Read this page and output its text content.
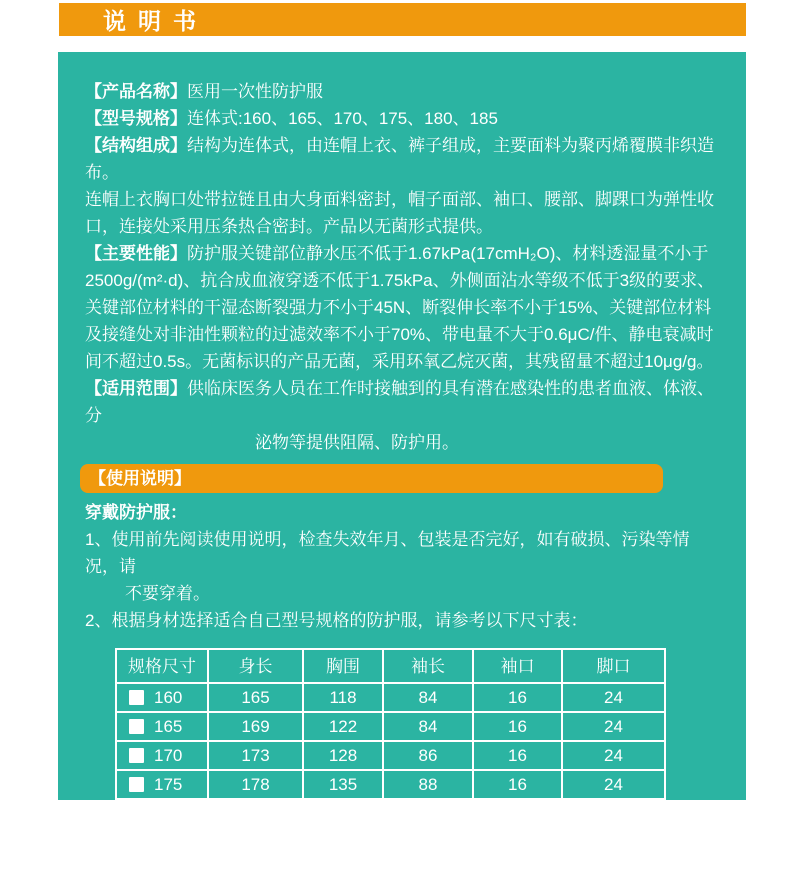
说明书
【产品名称】医用一次性防护服
【型号规格】连体式:160、165、170、175、180、185
【结构组成】结构为连体式，由连帽上衣、裤子组成，主要面料为聚丙烯覆膜非织造布。
连帽上衣胸口处带拉链且由大身面料密封，帽子面部、袖口、腰部、脚踝口为弹性收
口，连接处采用压条热合密封。产品以无菌形式提供。
【主要性能】防护服关键部位静水压不低于1.67kPa(17cmH₂O)、材料透湿量不小于
2500g/(m²·d)、抗合成血液穿透不低于1.75kPa、外侧面沾水等级不低于3级的要求、
关键部位材料的干湿态断裂强力不小于45N、断裂伸长率不小于15%、关键部位材料
及接缝处对非油性颗粒的过滤效率不小于70%、带电量不大于0.6μC/件、静电衰减时
间不超过0.5s。无菌标识的产品无菌，采用环氧乙烷灭菌，其残留量不超过10μg/g。
【适用范围】供临床医务人员在工作时接触到的具有潜在感染性的患者血液、体液、分
泌物等提供阻隔、防护用。
【使用说明】
穿戴防护服：
1、使用前先阅读使用说明，检查失效年月、包装是否完好，如有破损、污染等情况，请
不要穿着。
2、根据身材选择适合自己型号规格的防护服，请参考以下尺寸表：
规格尺寸	身长	胸围	袖长	袖口	脚口
160	165	118	84	16	24
165	169	122	84	16	24
170	173	128	86	16	24
175	178	135	88	16	24
180	181	140	90	16	24
185	188	145	92	16	24
偏差	±5	±5	±3	±2	±2
